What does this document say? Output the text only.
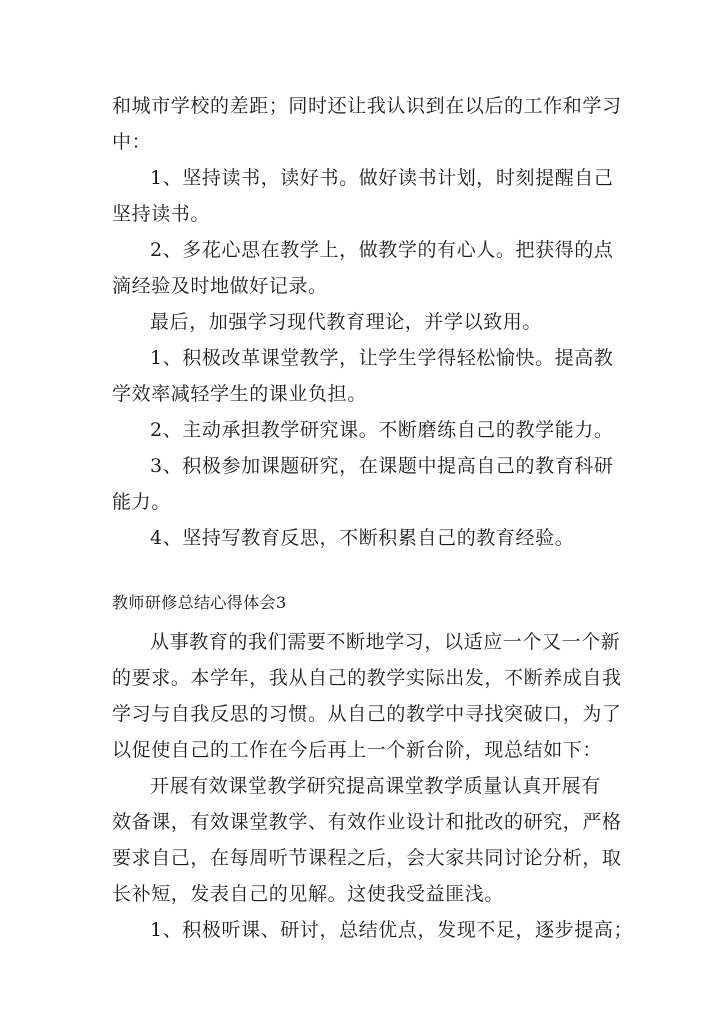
和城市学校的差距；同时还让我认识到在以后的工作和学习
中：
1、坚持读书，读好书。做好读书计划，时刻提醒自己
坚持读书。
2、多花心思在教学上，做教学的有心人。把获得的点
滴经验及时地做好记录。
最后，加强学习现代教育理论，并学以致用。
1、积极改革课堂教学，让学生学得轻松愉快。提高教
学效率减轻学生的课业负担。
2、主动承担教学研究课。不断磨练自己的教学能力。
3、积极参加课题研究，在课题中提高自己的教育科研
能力。
4、坚持写教育反思，不断积累自己的教育经验。
教师研修总结心得体会3
从事教育的我们需要不断地学习，以适应一个又一个新
的要求。本学年，我从自己的教学实际出发，不断养成自我
学习与自我反思的习惯。从自己的教学中寻找突破口，为了
以促使自己的工作在今后再上一个新台阶，现总结如下：
开展有效课堂教学研究提高课堂教学质量认真开展有
效备课，有效课堂教学、有效作业设计和批改的研究，严格
要求自己，在每周听节课程之后，会大家共同讨论分析，取
长补短，发表自己的见解。这使我受益匪浅。
1、积极听课、研讨，总结优点，发现不足，逐步提高；
